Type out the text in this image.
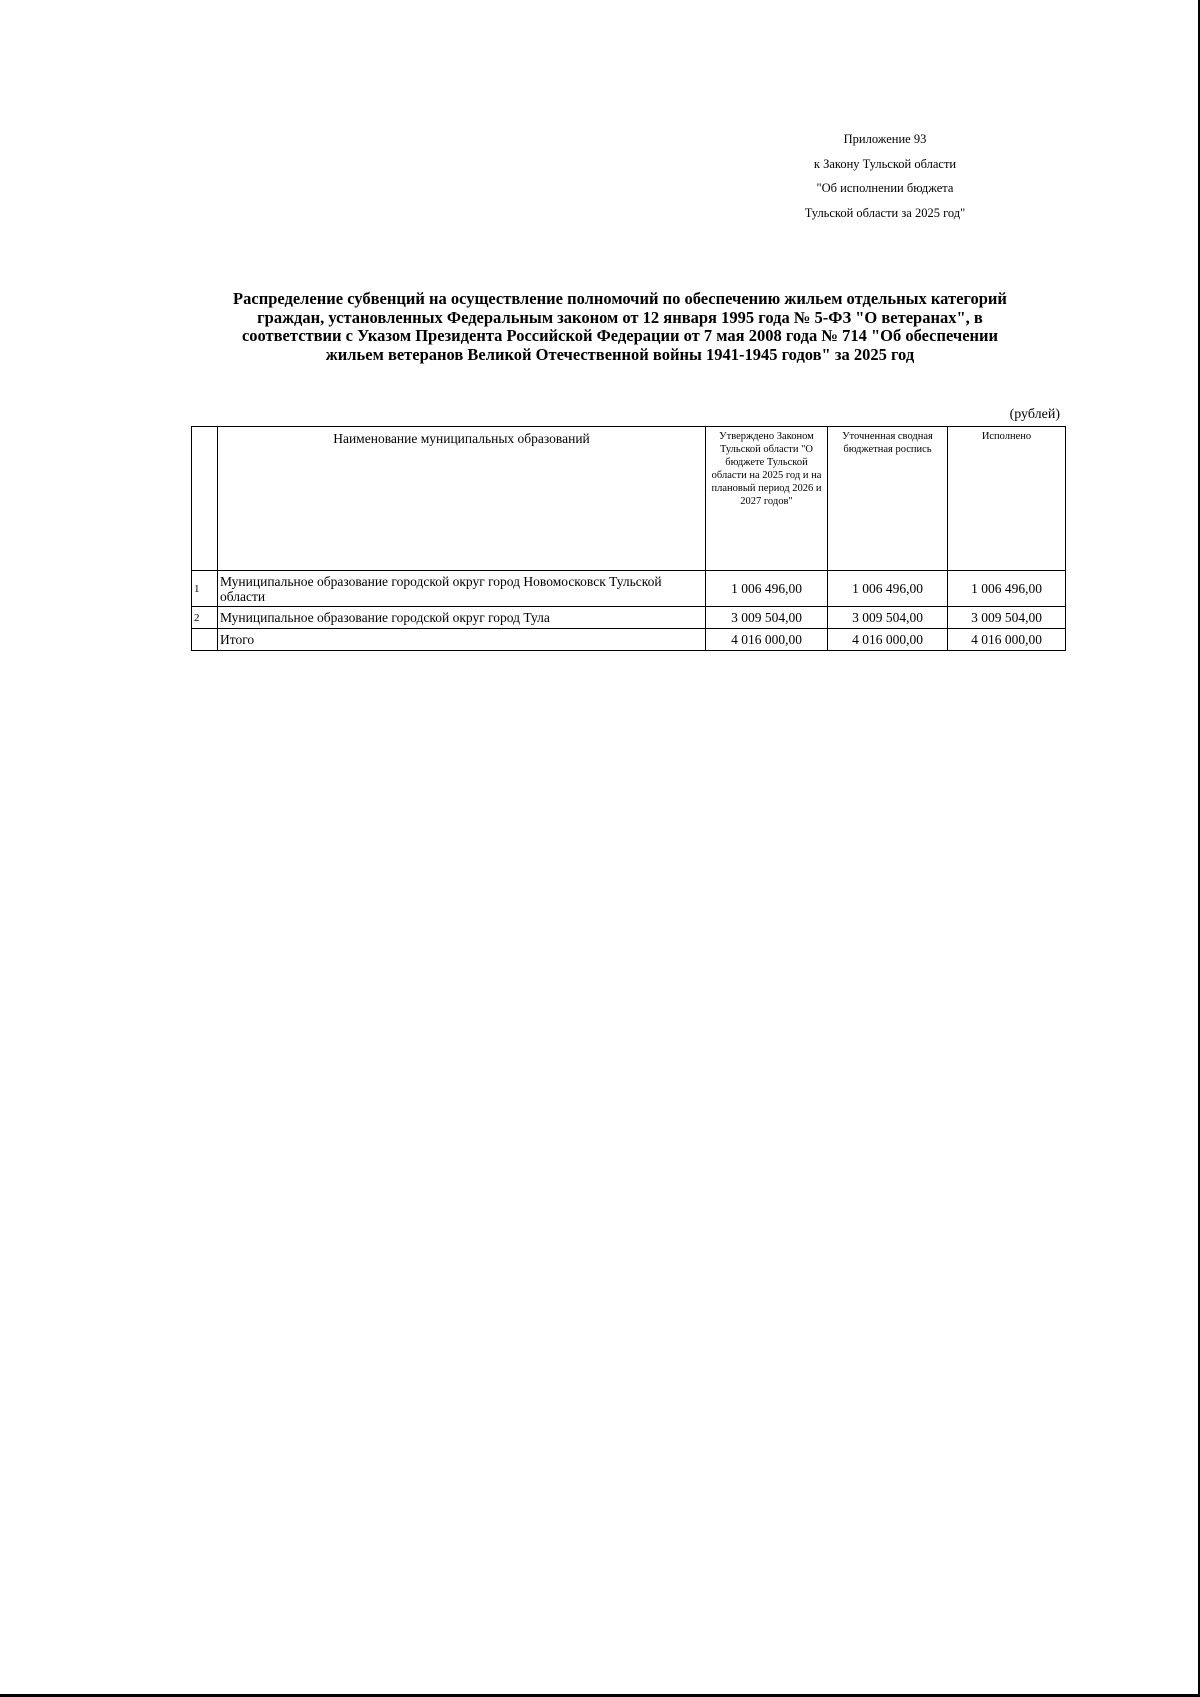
Приложение 93
к Закону Тульской области
"Об исполнении бюджета
Тульской области за 2025 год"
Распределение субвенций на осуществление полномочий по обеспечению жильем отдельных категорий
граждан, установленных Федеральным законом от 12 января 1995 года № 5-ФЗ "О ветеранах", в
соответствии с Указом Президента Российской Федерации от 7 мая 2008 года № 714 "Об обеспечении
жильем ветеранов Великой Отечественной войны 1941-1945 годов" за 2025 год
(рублей)
	Наименование муниципальных образований	Утверждено Законом Тульской области "О бюджете Тульской области на 2025 год и на плановый период 2026 и 2027 годов"	Уточненная сводная бюджетная роспись	Исполнено
1	Муниципальное образование городской округ город Новомосковск Тульской области	1 006 496,00	1 006 496,00	1 006 496,00
2	Муниципальное образование городской округ город Тула	3 009 504,00	3 009 504,00	3 009 504,00
	Итого	4 016 000,00	4 016 000,00	4 016 000,00
